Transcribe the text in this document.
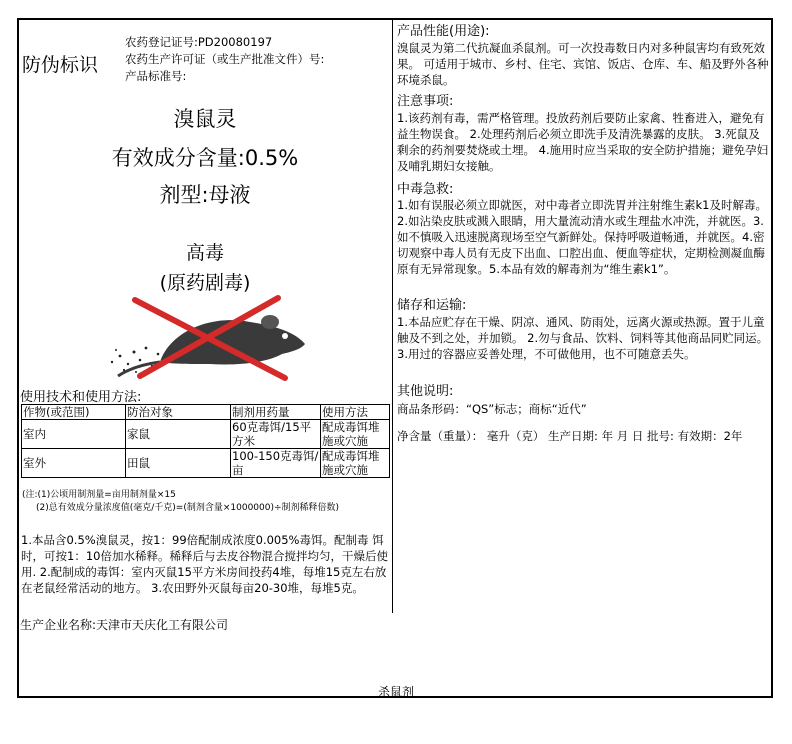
防伪标识
农药登记证号:PD20080197
农药生产许可证（或生产批准文件）号:
产品标准号:
溴鼠灵
有效成分含量:0.5%
剂型:母液
高毒
(原药剧毒)
使用技术和使用方法:
作物(或范围)	防治对象	制剂用药量	使用方法
室内	家鼠	60克毒饵/15平方米	配成毒饵堆施或穴施
室外	田鼠	100-150克毒饵/亩	配成毒饵堆施或穴施
(注:(1)公顷用制剂量=亩用制剂量×15
(2)总有效成分量浓度值(毫克/千克)=(制剂含量×1000000)÷制剂稀释倍数)
1.本品含0.5%溴鼠灵，按1：99倍配制成浓度0.005%毒饵。配制毒 饵时，可按1：10倍加水稀释。稀释后与去皮谷物混合搅拌均匀，干燥后使用. 2.配制成的毒饵：室内灭鼠15平方米房间投药4堆，每堆15克左右放在老鼠经常活动的地方。 3.农田野外灭鼠每亩20-30堆，每堆5克。
生产企业名称:天津市天庆化工有限公司
杀鼠剂
产品性能(用途):
溴鼠灵为第二代抗凝血杀鼠剂。可一次投毒数日内对多种鼠害均有致死效果。 可适用于城市、乡村、住宅、宾馆、饭店、仓库、车、船及野外各种环境杀鼠。
注意事项:
1.该药剂有毒，需严格管理。投放药剂后要防止家禽、牲畜进入，避免有益生物误食。 2.处理药剂后必须立即洗手及清洗暴露的皮肤。 3.死鼠及剩余的药剂要焚烧或土埋。 4.施用时应当采取的安全防护措施；避免孕妇及哺乳期妇女接触。
中毒急救:
1.如有误服必须立即就医，对中毒者立即洗胃并注射维生素k1及时解毒。 2.如沾染皮肤或溅入眼睛，用大量流动清水或生理盐水冲洗，并就医。3.如不慎吸入迅速脱离现场至空气新鲜处。保持呼吸道畅通，并就医。4.密切观察中毒人员有无皮下出血、口腔出血、便血等症状，定期检测凝血酶原有无异常现象。5.本品有效的解毒剂为“维生素k1”。
储存和运输:
1.本品应贮存在干燥、阴凉、通风、防雨处，远离火源或热源。置于儿童触及不到之处，并加锁。 2.勿与食品、饮料、饲料等其他商品同贮同运。 3.用过的容器应妥善处理，不可做他用，也不可随意丢失。
其他说明:
商品条形码：“QS”标志；商标“近代”
净含量（重量）： 毫升（克） 生产日期: 年 月 日 批号: 有效期：2年
